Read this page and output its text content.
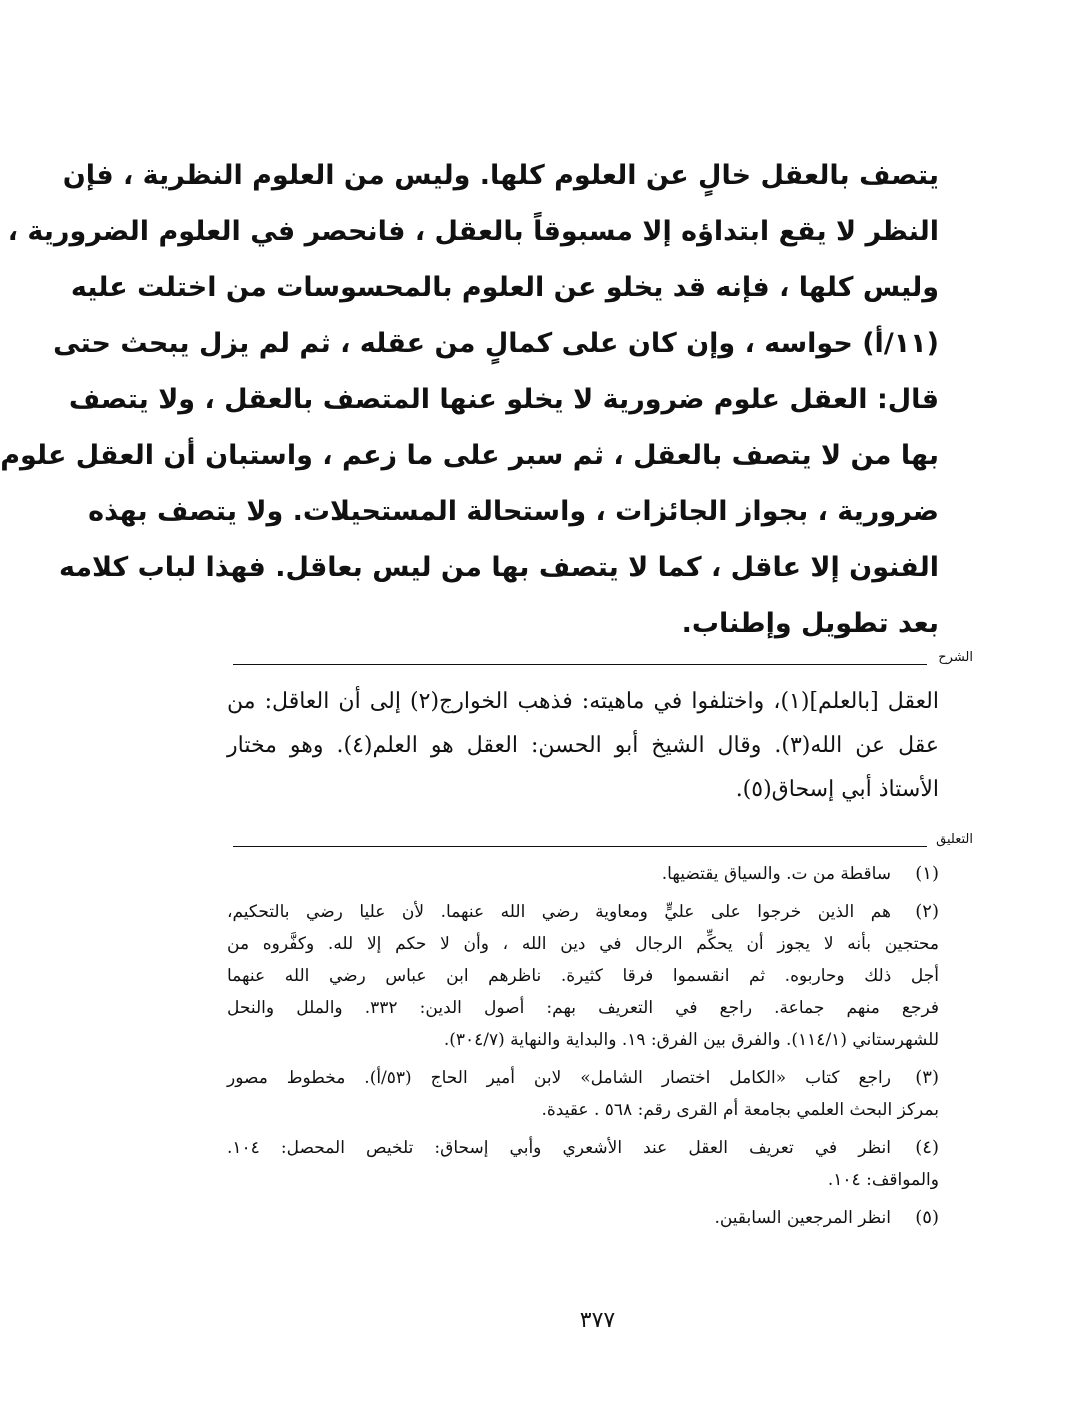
يتصف بالعقل خالٍ عن العلوم كلها. وليس من العلوم النظرية ، فإن
النظر لا يقع ابتداؤه إلا مسبوقاً بالعقل ، فانحصر في العلوم الضرورية ،
وليس كلها ، فإنه قد يخلو عن العلوم بالمحسوسات من اختلت عليه
(١١/أ) حواسه ، وإن كان على كمالٍ من عقله ، ثم لم يزل يبحث حتى
قال: العقل علوم ضرورية لا يخلو عنها المتصف بالعقل ، ولا يتصف
بها من لا يتصف بالعقل ، ثم سبر على ما زعم ، واستبان أن العقل علوم
ضرورية ، بجواز الجائزات ، واستحالة المستحيلات. ولا يتصف بهذه
الفنون إلا عاقل ، كما لا يتصف بها من ليس بعاقل. فهذا لباب كلامه
بعد تطويل وإطناب.
الشرح
العقل [بالعلم](١)، واختلفوا في ماهيته: فذهب الخوارج(٢) إلى أن العاقل: من
عقل عن الله(٣). وقال الشيخ أبو الحسن: العقل هو العلم(٤). وهو مختار
الأستاذ أبي إسحاق(٥).
التعليق
(١)
ساقطة من ت. والسياق يقتضيها.
(٢)
هم الذين خرجوا على عليٍّ ومعاوية رضي الله عنهما. لأن عليا رضي بالتحكيم،
محتجين بأنه لا يجوز أن يحكِّم الرجال في دين الله ، وأن لا حكم إلا لله. وكفَّروه من
أجل ذلك وحاربوه. ثم انقسموا فرقا كثيرة. ناظرهم ابن عباس رضي الله عنهما
فرجع منهم جماعة. راجع في التعريف بهم: أصول الدين: ٣٣٢. والملل والنحل
للشهرستاني (١١٤/١). والفرق بين الفرق: ١٩. والبداية والنهاية (٣٠٤/٧).
(٣)
راجع كتاب «الكامل اختصار الشامل» لابن أمير الحاج (٥٣/أ). مخطوط مصور
بمركز البحث العلمي بجامعة أم القرى رقم: ٥٦٨ . عقيدة.
(٤)
انظر في تعريف العقل عند الأشعري وأبي إسحاق: تلخيص المحصل: ١٠٤.
والمواقف: ١٠٤.
(٥)
انظر المرجعين السابقين.
٣٧٧
